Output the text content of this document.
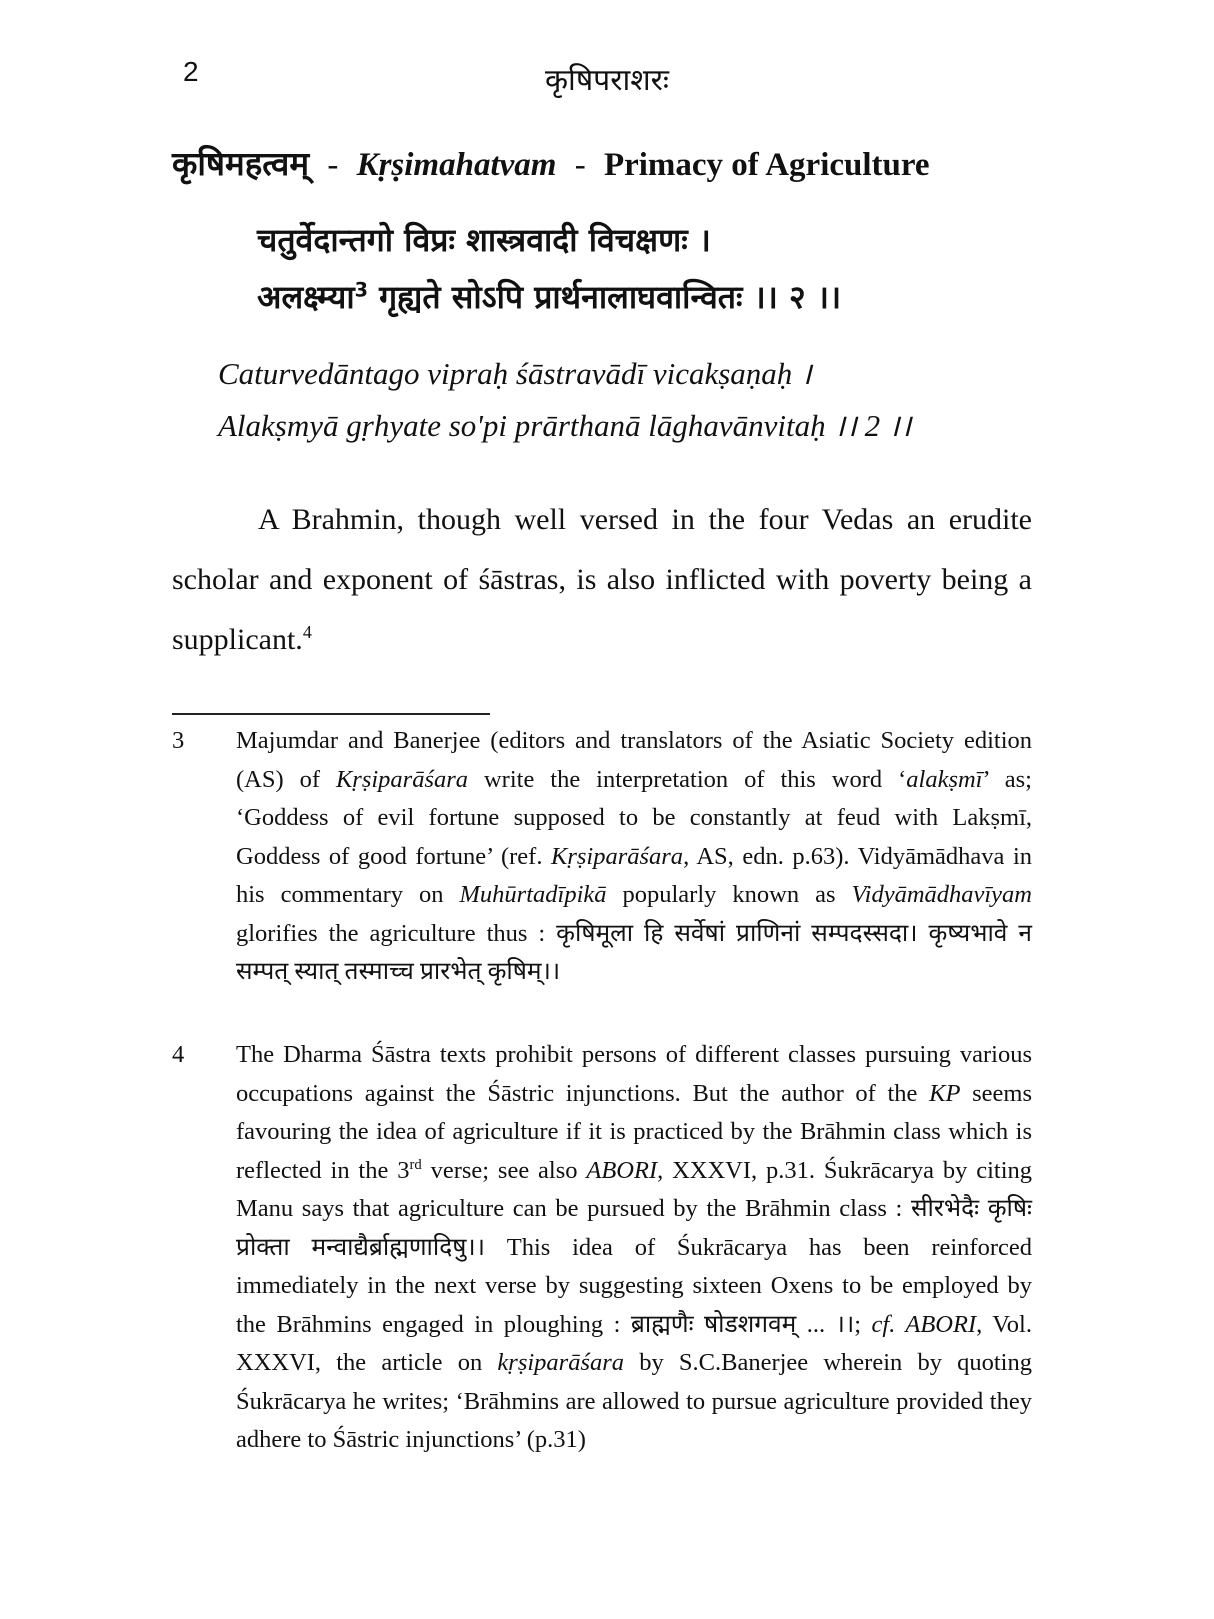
2	कृषिपराशरः
कृषिमहत्वम् - Kṛṣimahatvam - Primacy of Agriculture
चतुर्वेदान्तगो विप्रः शास्त्रवादी विचक्षणः ।
अलक्ष्म्या$^3$ गृह्यते सोऽपि प्रार्थनालाघवान्वितः ।। २ ।।
Caturvedāntago vipraḥ śāstravādī vicakṣaṇaḥ ।
Alakṣmyā gṛhyate so'pi prārthanā lāghavānvitaḥ ।। 2 ।।

A Brahmin, though well versed in the four Vedas an erudite scholar and exponent of śāstras, is also inflicted with poverty being a supplicant.$^4$

3	Majumdar and Banerjee (editors and translators of the Asiatic Society edition (AS) of Kṛṣiparāśara write the interpretation of this word ‘alakṣmī’ as; ‘Goddess of evil fortune supposed to be constantly at feud with Lakṣmī, Goddess of good fortune’ (ref. Kṛṣiparāśara, AS, edn. p.63). Vidyāmādhava in his commentary on Muhūrtadīpikā popularly known as Vidyāmādhavīyam glorifies the agriculture thus : कृषिमूला हि सर्वेषां प्राणिनां सम्पदस्सदा। कृष्यभावे न सम्पत् स्यात् तस्माच्च प्रारभेत् कृषिम्।।
4	The Dharma Śāstra texts prohibit persons of different classes pursuing various occupations against the Śāstric injunctions. But the author of the KP seems favouring the idea of agriculture if it is practiced by the Brāhmin class which is reflected in the 3rd verse; see also ABORI, XXXVI, p.31. Śukrācarya by citing Manu says that agriculture can be pursued by the Brāhmin class : सीरभेदैः कृषिः प्रोक्ता मन्वाद्यैर्ब्राह्मणादिषु।। This idea of Śukrācarya has been reinforced immediately in the next verse by suggesting sixteen Oxens to be employed by the Brāhmins engaged in ploughing : ब्राह्मणैः षोडशगवम् ... ।।; cf. ABORI, Vol. XXXVI, the article on kṛṣiparāśara by S.C.Banerjee wherein by quoting Śukrācarya he writes; ‘Brāhmins are allowed to pursue agriculture provided they adhere to Śāstric injunctions’ (p.31)
